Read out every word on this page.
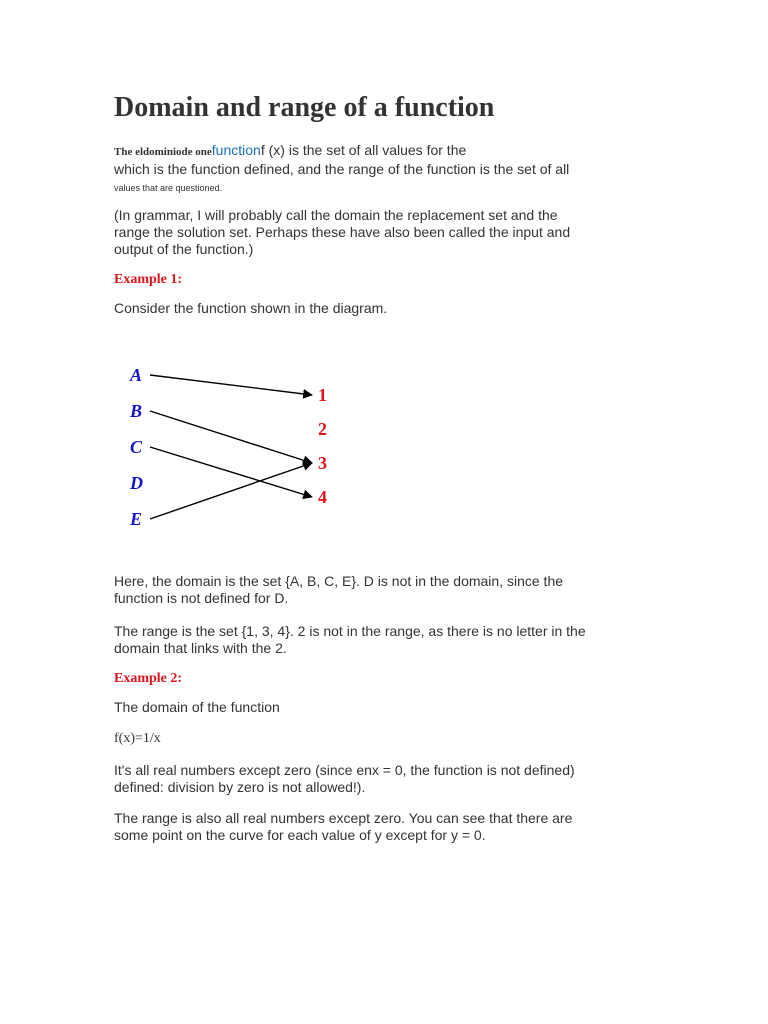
Domain and range of a function

The eldominiode onefunctionf (x) is the set of all values for the
which is the function defined, and the range of the function is the set of all
values that are questioned.

(In grammar, I will probably call the domain the replacement set and the range the solution set. Perhaps these have also been called the input and output of the function.)

Example 1:

Consider the function shown in the diagram.

A
B
C
D
E
1
2
3
4

Here, the domain is the set {A, B, C, E}. D is not in the domain, since the function is not defined for D.

The range is the set {1, 3, 4}. 2 is not in the range, as there is no letter in the domain that links with the 2.

Example 2:

The domain of the function

f(x)=1/x

It's all real numbers except zero (since enx = 0, the function is not defined) defined: division by zero is not allowed!).

The range is also all real numbers except zero. You can see that there are some point on the curve for each value of y except for y = 0.
